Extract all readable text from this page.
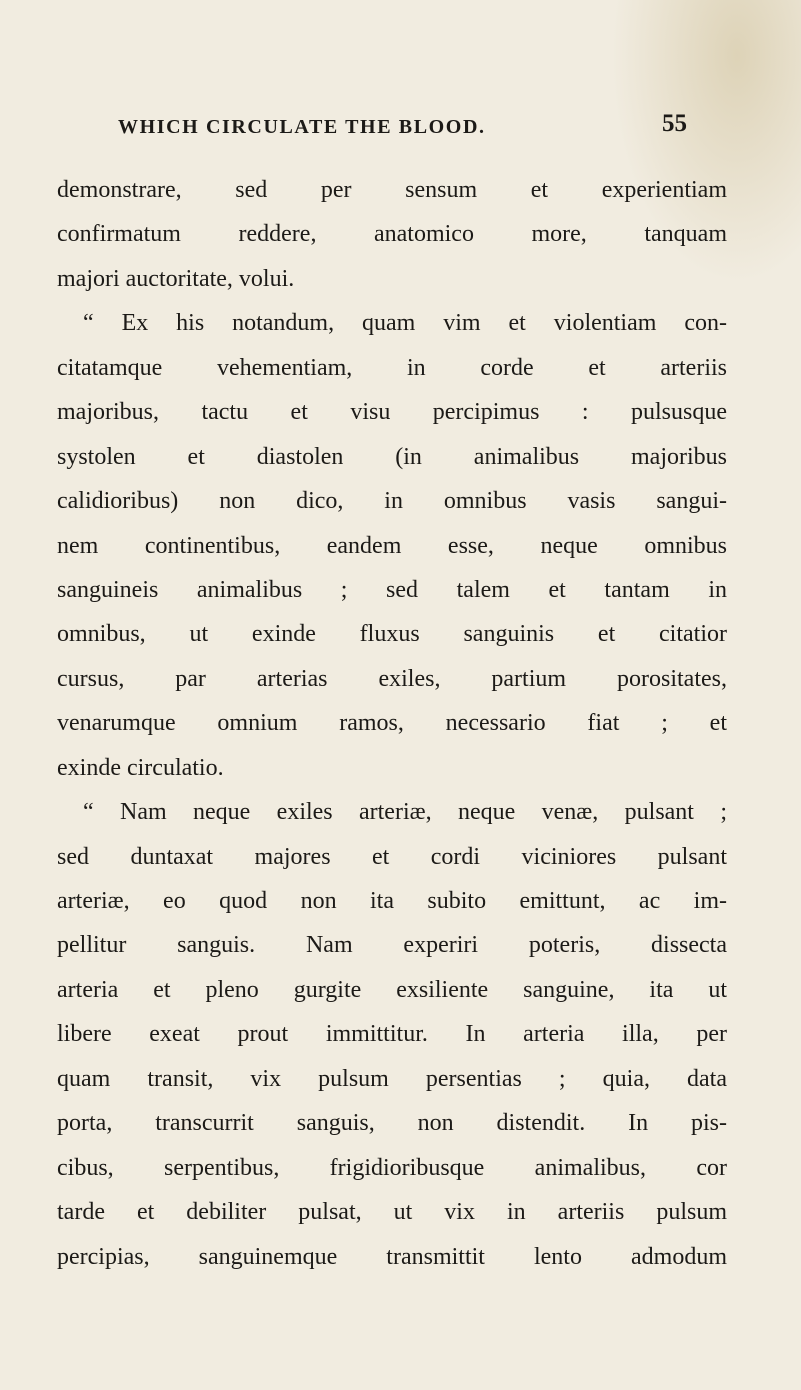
WHICH CIRCULATE THE BLOOD.	55
demonstrare, sed per sensum et experientiam
confirmatum reddere, anatomico more, tanquam
majori auctoritate, volui.
“ Ex his notandum, quam vim et violentiam con-
citatamque vehementiam, in corde et arteriis
majoribus, tactu et visu percipimus : pulsusque
systolen et diastolen (in animalibus majoribus
calidioribus) non dico, in omnibus vasis sangui-
nem continentibus, eandem esse, neque omnibus
sanguineis animalibus ; sed talem et tantam in
omnibus, ut exinde fluxus sanguinis et citatior
cursus, par arterias exiles, partium porositates,
venarumque omnium ramos, necessario fiat ; et
exinde circulatio.
“ Nam neque exiles arteriæ, neque venæ, pulsant ;
sed duntaxat majores et cordi viciniores pulsant
arteriæ, eo quod non ita subito emittunt, ac im-
pellitur sanguis. Nam experiri poteris, dissecta
arteria et pleno gurgite exsiliente sanguine, ita ut
libere exeat prout immittitur. In arteria illa, per
quam transit, vix pulsum persentias ; quia, data
porta, transcurrit sanguis, non distendit. In pis-
cibus, serpentibus, frigidioribusque animalibus, cor
tarde et debiliter pulsat, ut vix in arteriis pulsum
percipias, sanguinemque transmittit lento admodum
